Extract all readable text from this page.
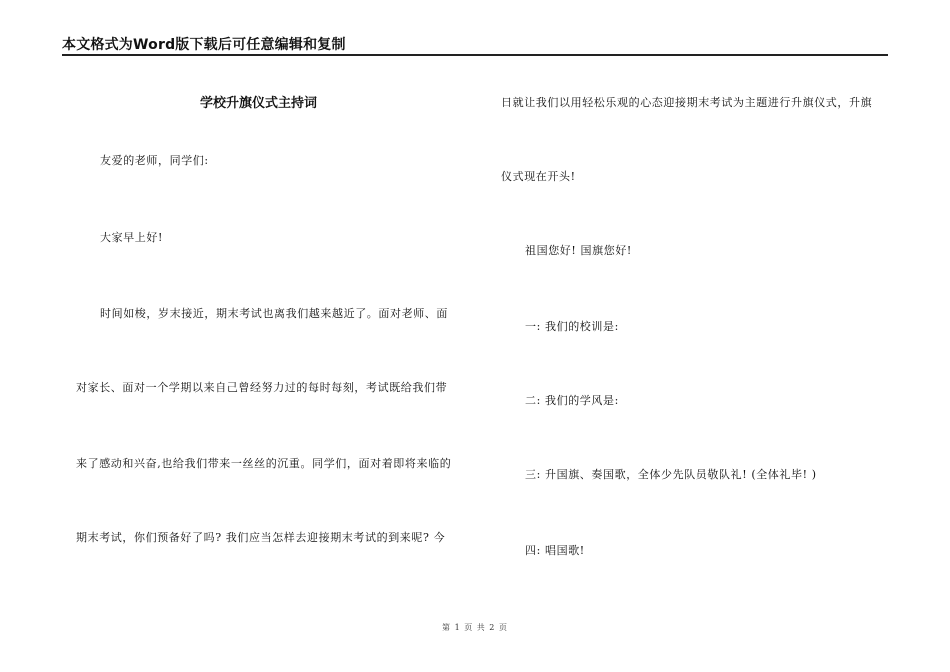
本文格式为Word版下载后可任意编辑和复制
学校升旗仪式主持词
友爱的老师，同学们:
大家早上好!
时间如梭，岁末接近，期末考试也离我们越来越近了。面对老师、面
对家长、面对一个学期以来自己曾经努力过的每时每刻，考试既给我们带
来了感动和兴奋,也给我们带来一丝丝的沉重。同学们，面对着即将来临的
期末考试，你们预备好了吗? 我们应当怎样去迎接期末考试的到来呢? 今
日就让我们以用轻松乐观的心态迎接期末考试为主题进行升旗仪式，升旗
仪式现在开头!
祖国您好! 国旗您好!
一: 我们的校训是:
二: 我们的学风是:
三: 升国旗、奏国歌，全体少先队员敬队礼! (全体礼毕! )
四: 唱国歌!
第 1 页 共 2 页
